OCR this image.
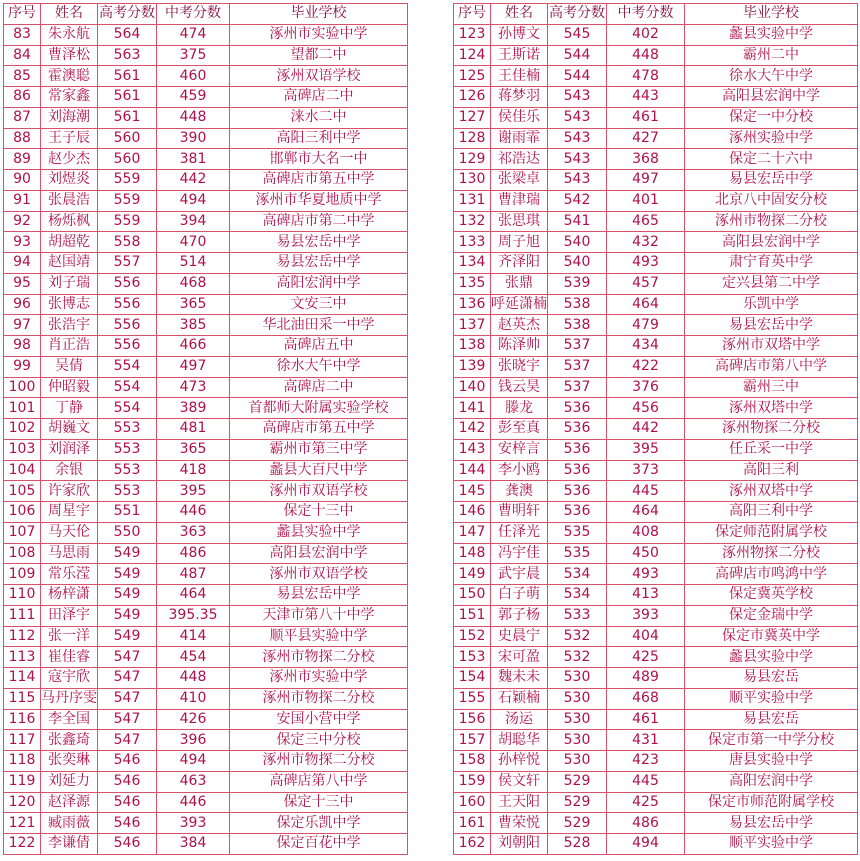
序号	姓名	高考分数	中考分数	毕业学校
83	朱永航	564	474	涿州市实验中学
84	曹泽松	563	375	望都二中
85	霍澳聪	561	460	涿州双语学校
86	常家鑫	561	459	高碑店二中
87	刘海潮	561	448	涞水二中
88	王子辰	560	390	高阳三利中学
89	赵少杰	560	381	邯郸市大名一中
90	刘煜炎	559	442	高碑店市第五中学
91	张晨浩	559	494	涿州市华夏地质中学
92	杨烁枫	559	394	高碑店市第二中学
93	胡超乾	558	470	易县宏岳中学
94	赵国靖	557	514	易县宏岳中学
95	刘子瑞	556	468	高阳宏润中学
96	张博志	556	365	文安三中
97	张浩宇	556	385	华北油田采一中学
98	肖正浩	556	466	高碑店五中
99	吴倩	554	497	徐水大午中学
100	仲昭毅	554	473	高碑店二中
101	丁静	554	389	首都师大附属实验学校
102	胡巍文	553	481	高碑店市第五中学
103	刘润泽	553	365	霸州市第三中学
104	余银	553	418	蠡县大百尺中学
105	许家欣	553	395	涿州市双语学校
106	周星宇	551	446	保定十三中
107	马天伦	550	363	蠡县实验中学
108	马思雨	549	486	高阳县宏润中学
109	常乐滢	549	487	涿州市双语学校
110	杨梓潇	549	464	易县宏岳中学
111	田泽宇	549	395.35	天津市第八十中学
112	张一洋	549	414	顺平县实验中学
113	崔佳睿	547	454	涿州市物探二分校
114	寇宇欣	547	448	涿州市实验中学
115	马丹序雯	547	410	涿州市物探二分校
116	李全国	547	426	安国小营中学
117	张鑫琦	547	396	保定三中分校
118	张奕琳	546	494	涿州市物探二分校
119	刘延力	546	463	高碑店第八中学
120	赵泽源	546	446	保定十三中
121	臧雨薇	546	393	保定乐凯中学
122	李谦倩	546	384	保定百花中学
序号	姓名	高考分数	中考分数	毕业学校
123	孙博文	545	402	蠡县实验中学
124	王斯诺	544	448	霸州二中
125	王佳楠	544	478	徐水大午中学
126	蒋梦羽	543	443	高阳县宏润中学
127	侯佳乐	543	461	保定一中分校
128	谢雨霏	543	427	涿州实验中学
129	祁浩达	543	368	保定二十六中
130	张梁卓	543	497	易县宏岳中学
131	曹津瑞	542	401	北京八中固安分校
132	张思琪	541	465	涿州市物探二分校
133	周子旭	540	432	高阳县宏润中学
134	齐泽阳	540	493	肃宁育英中学
135	张鼎	539	457	定兴县第二中学
136	呼延潇楠	538	464	乐凯中学
137	赵英杰	538	479	易县宏岳中学
138	陈泽帅	537	434	涿州市双塔中学
139	张晓宇	537	422	高碑店市第八中学
140	钱云昊	537	376	霸州三中
141	滕龙	536	456	涿州双塔中学
142	彭至真	536	442	涿州物探二分校
143	安梓言	536	395	任丘采一中学
144	李小鸥	536	373	高阳三利
145	龚澳	536	445	涿州双塔中学
146	曹明轩	536	464	高阳三利中学
147	任泽光	535	408	保定师范附属学校
148	冯宇佳	535	450	涿州物探二分校
149	武宇晨	534	493	高碑店市鸣鸿中学
150	白子萌	534	413	保定冀英学校
151	郭子杨	533	393	保定金瑞中学
152	史晨宁	532	404	保定市冀英中学
153	宋可盈	532	425	蠡县实验中学
154	魏未未	530	489	易县宏岳
155	石颖楠	530	468	顺平实验中学
156	汤运	530	461	易县宏岳
157	胡聪华	530	431	保定市第一中学分校
158	孙梓悦	530	423	唐县实验中学
159	侯文轩	529	445	高阳宏润中学
160	王天阳	529	425	保定市师范附属学校
161	曹荣悦	529	486	易县宏岳中学
162	刘朝阳	528	494	顺平实验中学
